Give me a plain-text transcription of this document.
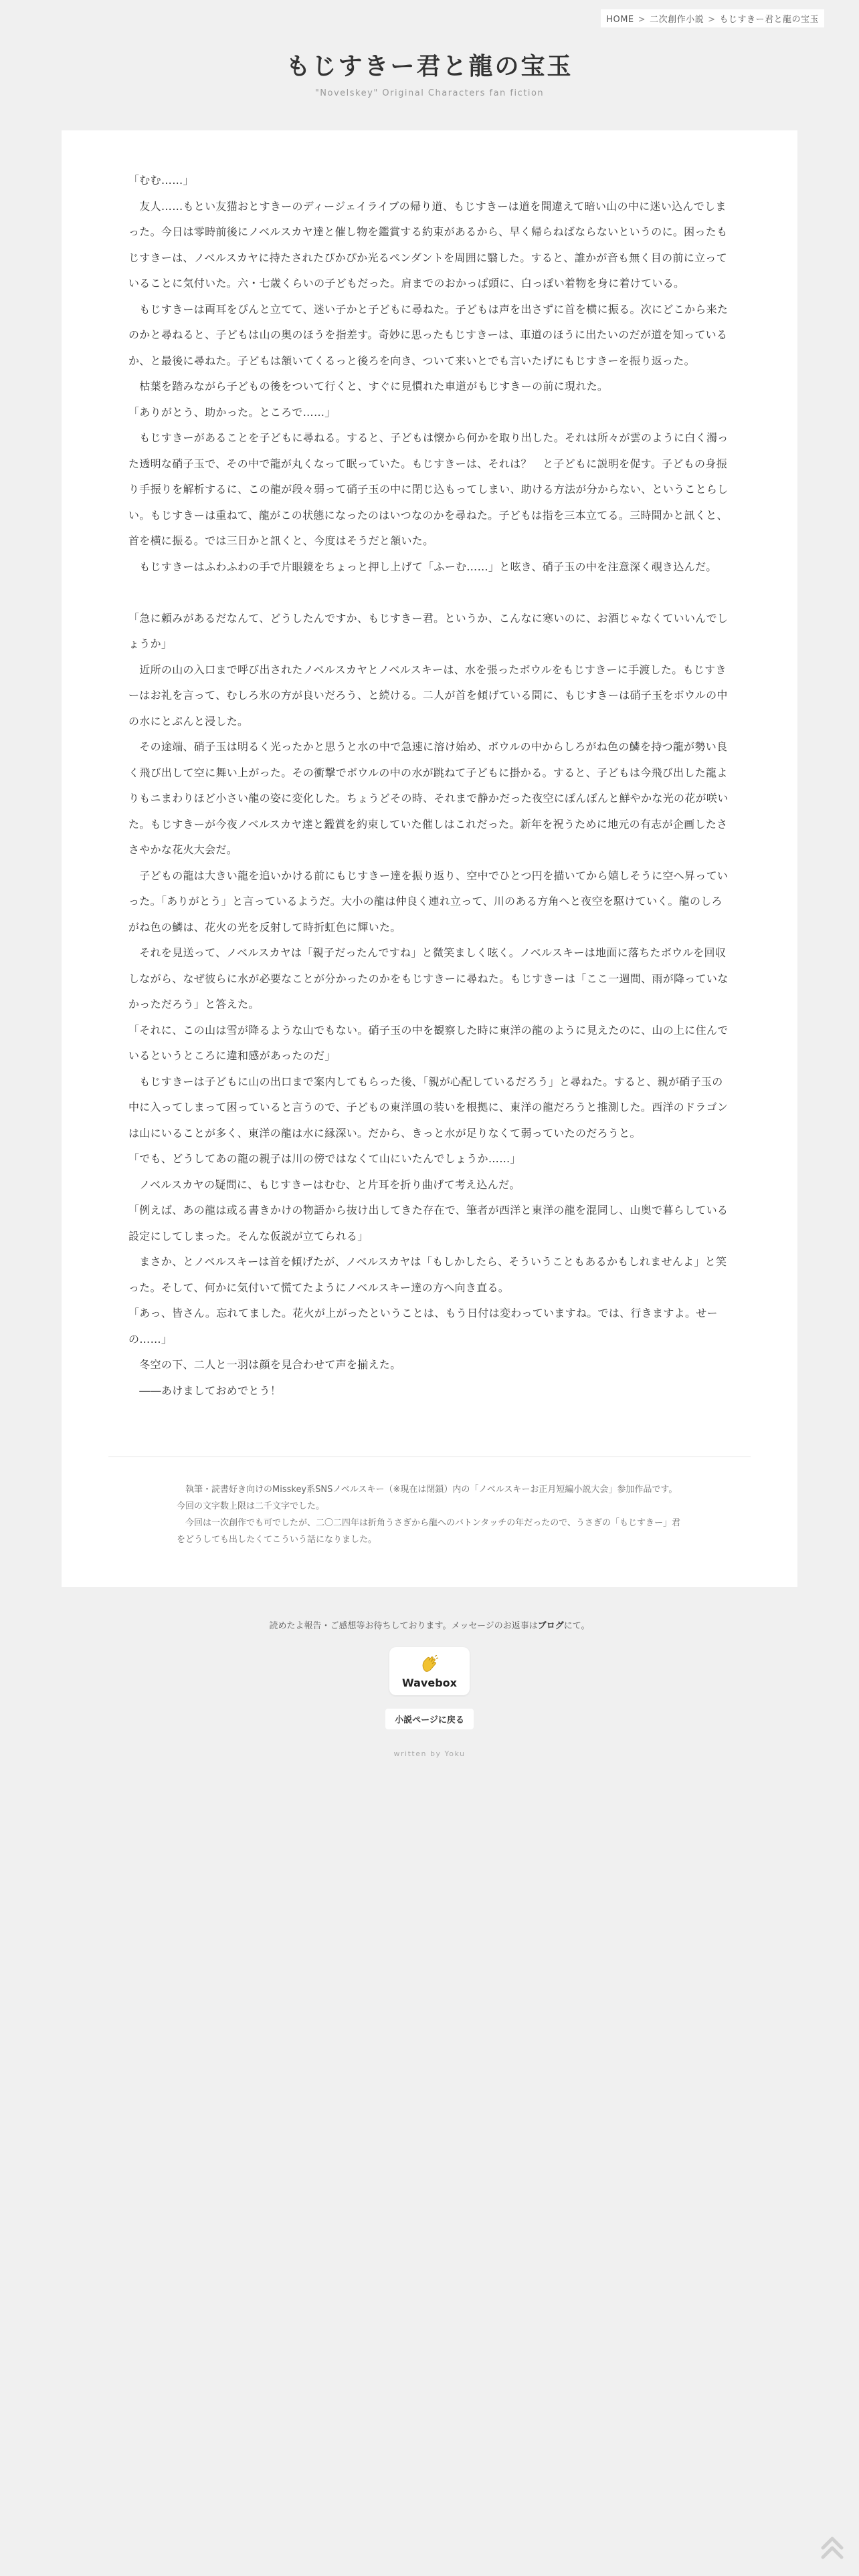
HOME > 二次創作小説 > もじすきー君と龍の宝玉
もじすきー君と龍の宝玉
"Novelskey" Original Characters fan fiction

「むむ……」

　友人……もとい友猫おとすきーのディージェイライブの帰り道、もじすきーは道を間違えて暗い山の中に迷い込んでしまった。今日は零時前後にノベルスカヤ達と催し物を鑑賞する約束があるから、早く帰らねばならないというのに。困ったもじすきーは、ノベルスカヤに持たされたぴかぴか光るペンダントを周囲に翳した。すると、誰かが音も無く目の前に立っていることに気付いた。六・七歳くらいの子どもだった。肩までのおかっぱ頭に、白っぽい着物を身に着けている。

　もじすきーは両耳をぴんと立てて、迷い子かと子どもに尋ねた。子どもは声を出さずに首を横に振る。次にどこから来たのかと尋ねると、子どもは山の奥のほうを指差す。奇妙に思ったもじすきーは、車道のほうに出たいのだが道を知っているか、と最後に尋ねた。子どもは頷いてくるっと後ろを向き、ついて来いとでも言いたげにもじすきーを振り返った。

　枯葉を踏みながら子どもの後をついて行くと、すぐに見慣れた車道がもじすきーの前に現れた。

「ありがとう、助かった。ところで……」

　もじすきーがあることを子どもに尋ねる。すると、子どもは懐から何かを取り出した。それは所々が雲のように白く濁った透明な硝子玉で、その中で龍が丸くなって眠っていた。もじすきーは、それは？　と子どもに説明を促す。子どもの身振り手振りを解析するに、この龍が段々弱って硝子玉の中に閉じ込もってしまい、助ける方法が分からない、ということらしい。もじすきーは重ねて、龍がこの状態になったのはいつなのかを尋ねた。子どもは指を三本立てる。三時間かと訊くと、首を横に振る。では三日かと訊くと、今度はそうだと頷いた。

　もじすきーはふわふわの手で片眼鏡をちょっと押し上げて「ふーむ……」と呟き、硝子玉の中を注意深く覗き込んだ。

「急に頼みがあるだなんて、どうしたんですか、もじすきー君。というか、こんなに寒いのに、お酒じゃなくていいんでしょうか」

　近所の山の入口まで呼び出されたノベルスカヤとノベルスキーは、水を張ったボウルをもじすきーに手渡した。もじすきーはお礼を言って、むしろ氷の方が良いだろう、と続ける。二人が首を傾げている間に、もじすきーは硝子玉をボウルの中の水にとぷんと浸した。

　その途端、硝子玉は明るく光ったかと思うと水の中で急速に溶け始め、ボウルの中からしろがね色の鱗を持つ龍が勢い良く飛び出して空に舞い上がった。その衝撃でボウルの中の水が跳ねて子どもに掛かる。すると、子どもは今飛び出した龍よりもニまわりほど小さい龍の姿に変化した。ちょうどその時、それまで静かだった夜空にぽんぽんと鮮やかな光の花が咲いた。もじすきーが今夜ノベルスカヤ達と鑑賞を約束していた催しはこれだった。新年を祝うために地元の有志が企画したささやかな花火大会だ。

　子どもの龍は大きい龍を追いかける前にもじすきー達を振り返り、空中でひとつ円を描いてから嬉しそうに空へ昇っていった。「ありがとう」と言っているようだ。大小の龍は仲良く連れ立って、川のある方角へと夜空を駆けていく。龍のしろがね色の鱗は、花火の光を反射して時折虹色に輝いた。

　それを見送って、ノベルスカヤは「親子だったんですね」と微笑ましく呟く。ノベルスキーは地面に落ちたボウルを回収しながら、なぜ彼らに水が必要なことが分かったのかをもじすきーに尋ねた。もじすきーは「ここ一週間、雨が降っていなかっただろう」と答えた。

「それに、この山は雪が降るような山でもない。硝子玉の中を観察した時に東洋の龍のように見えたのに、山の上に住んでいるというところに違和感があったのだ」

　もじすきーは子どもに山の出口まで案内してもらった後、「親が心配しているだろう」と尋ねた。すると、親が硝子玉の中に入ってしまって困っていると言うので、子どもの東洋風の装いを根拠に、東洋の龍だろうと推測した。西洋のドラゴンは山にいることが多く、東洋の龍は水に縁深い。だから、きっと水が足りなくて弱っていたのだろうと。

「でも、どうしてあの龍の親子は川の傍ではなくて山にいたんでしょうか……」

　ノベルスカヤの疑問に、もじすきーはむむ、と片耳を折り曲げて考え込んだ。

「例えば、あの龍は或る書きかけの物語から抜け出してきた存在で、筆者が西洋と東洋の龍を混同し、山奥で暮らしている設定にしてしまった。そんな仮説が立てられる」

　まさか、とノベルスキーは首を傾げたが、ノベルスカヤは「もしかしたら、そういうこともあるかもしれませんよ」と笑った。そして、何かに気付いて慌てたようにノベルスキー達の方へ向き直る。

「あっ、皆さん。忘れてました。花火が上がったということは、もう日付は変わっていますね。では、行きますよ。せーの……」

　冬空の下、二人と一羽は顔を見合わせて声を揃えた。

　――あけましておめでとう！

執筆・読書好き向けのMisskey系SNSノベルスキー（※現在は閉鎖）内の「ノベルスキーお正月短編小説大会」参加作品です。今回の文字数上限は二千文字でした。

今回は一次創作でも可でしたが、二〇二四年は折角うさぎから龍へのバトンタッチの年だったので、うさぎの「もじすきー」君をどうしても出したくてこういう話になりました。

読めたよ報告・ご感想等お待ちしております。メッセージのお返事はブログにて。
Wavebox
小説ページに戻る
written by Yoku
